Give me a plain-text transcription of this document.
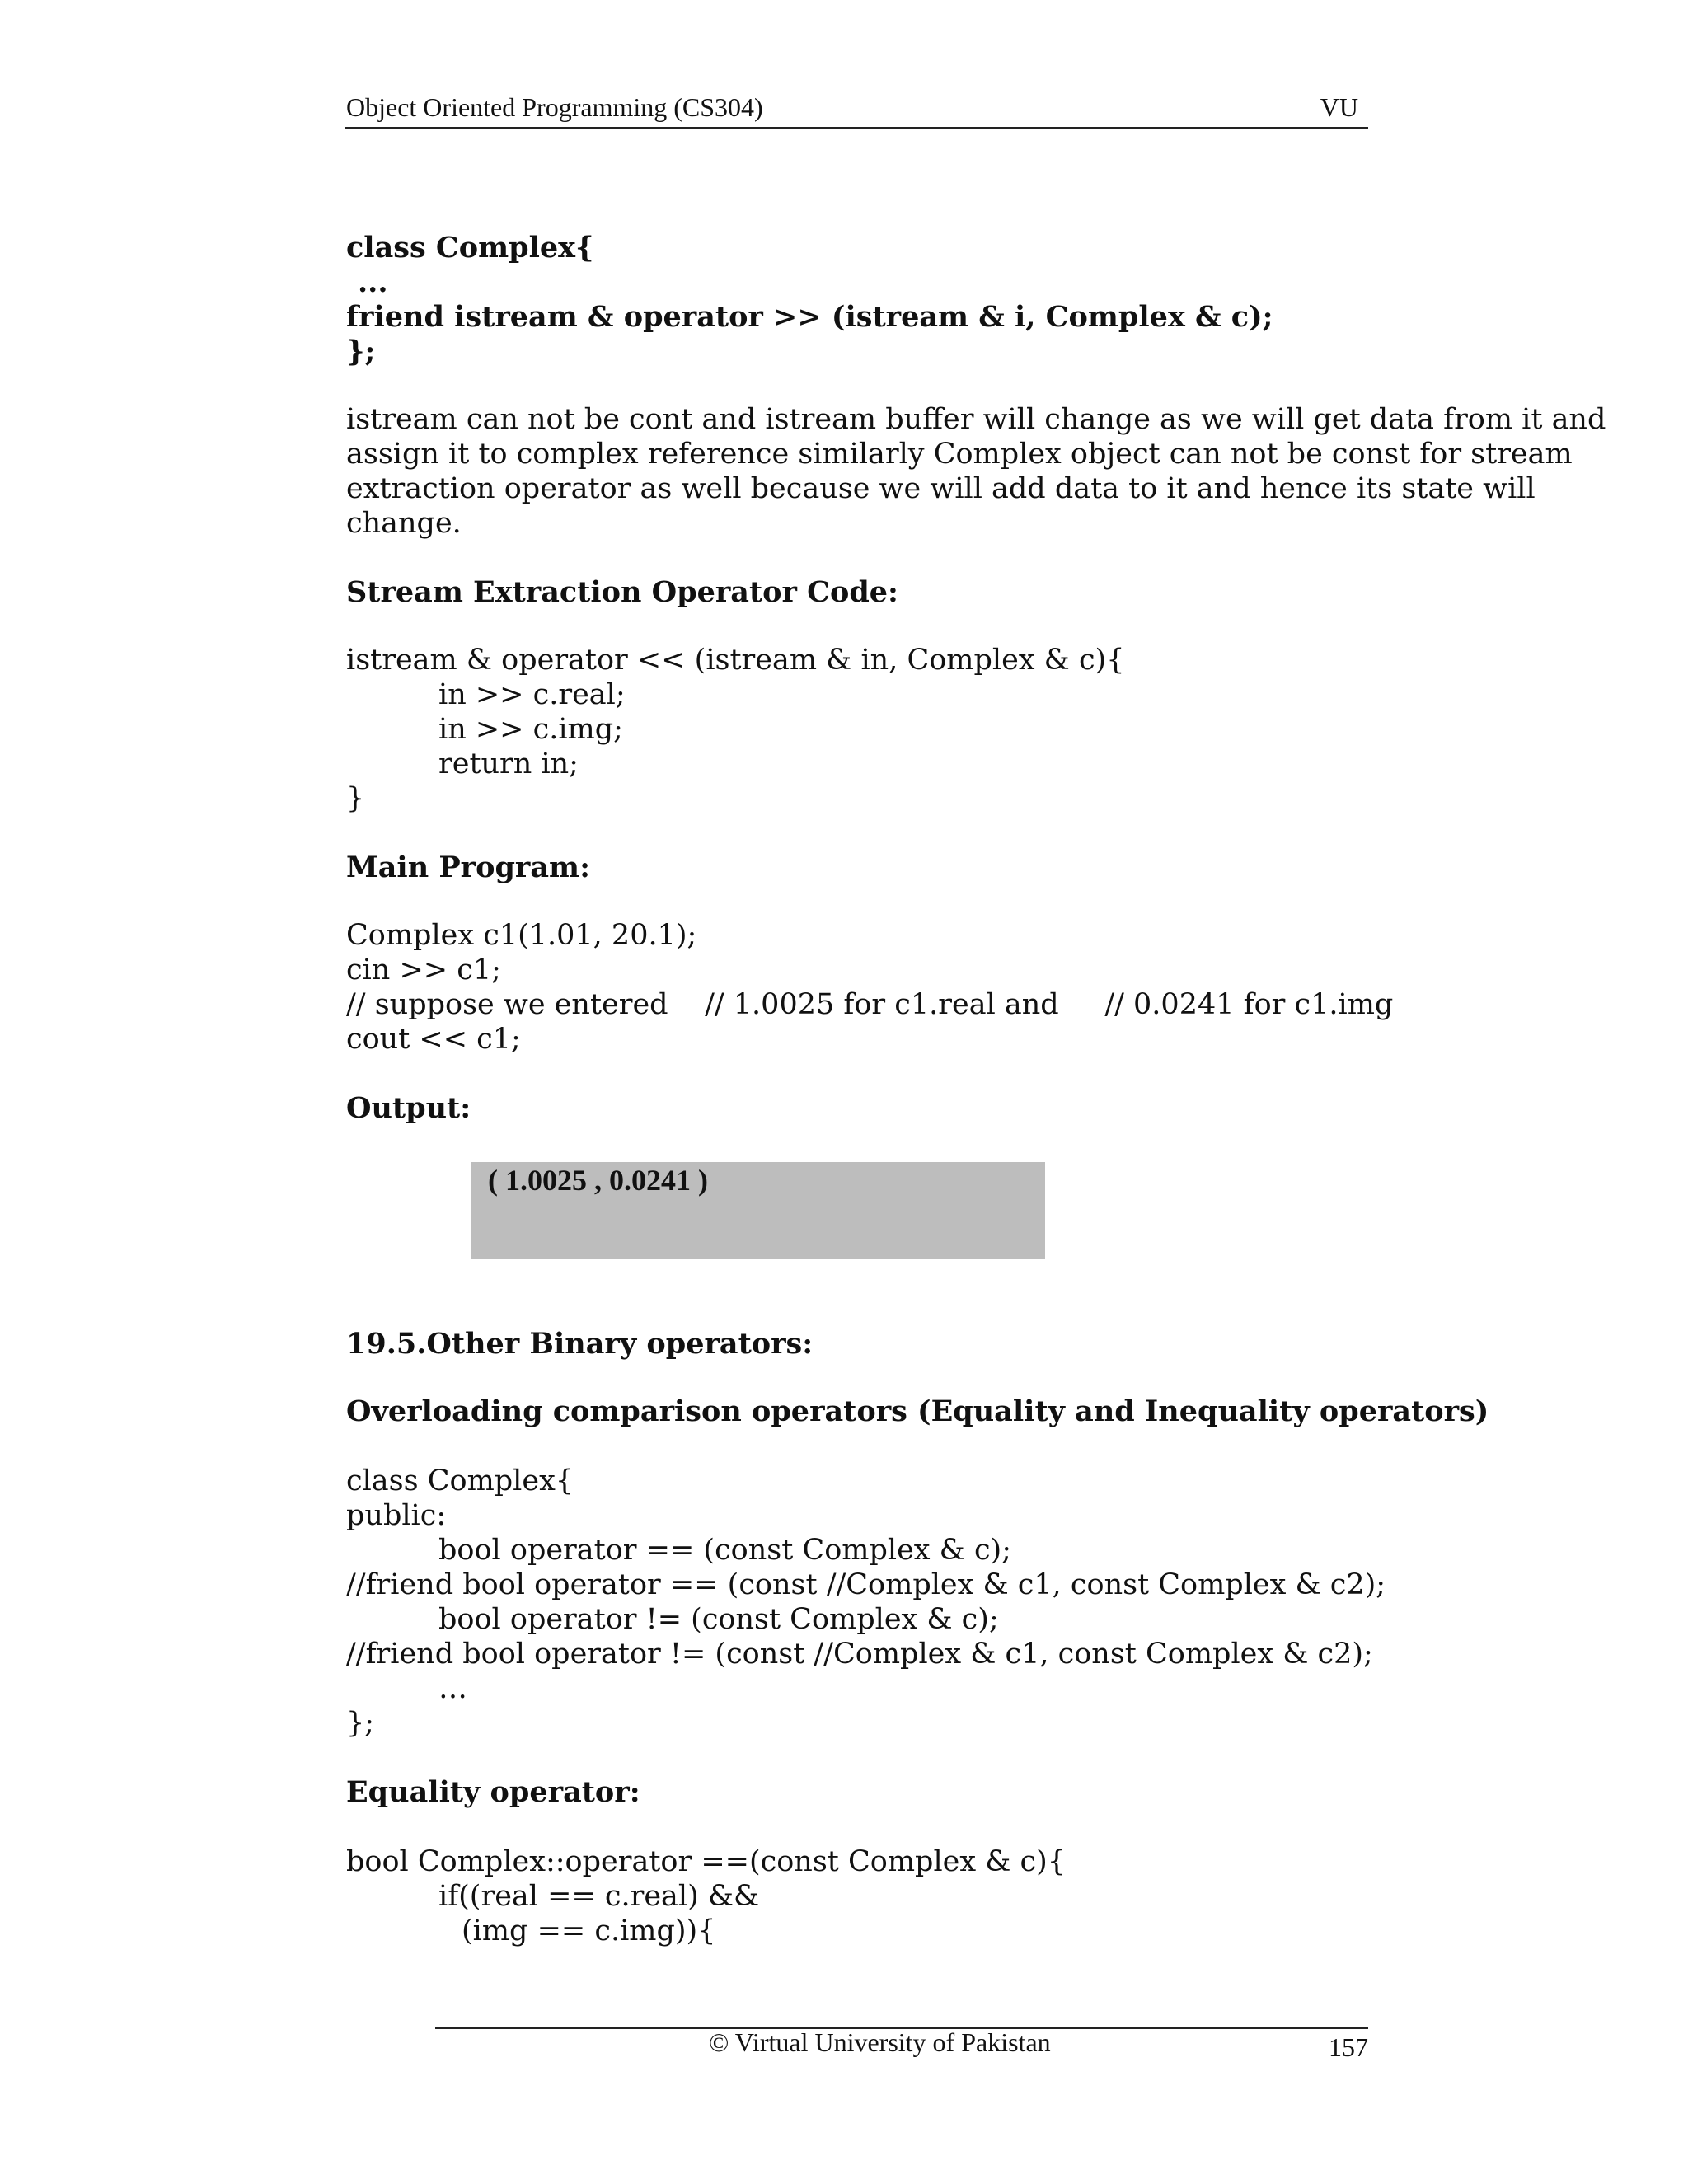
Object Oriented Programming (CS304)	VU
class Complex{
...
friend istream & operator >> (istream & i, Complex & c);
};
istream can not be cont and istream buffer will change as we will get data from it and
assign it to complex reference similarly Complex object can not be const for stream
extraction operator as well because we will add data to it and hence its state will
change.
Stream Extraction Operator Code:
istream & operator << (istream & in, Complex & c){
in >> c.real;
in >> c.img;
return in;
}
Main Program:
Complex c1(1.01, 20.1);
cin >> c1;
// suppose we entered    // 1.0025 for c1.real and     // 0.0241 for c1.img
cout << c1;
Output:
19.5.Other Binary operators:
Overloading comparison operators (Equality and Inequality operators)
class Complex{
public:
bool operator == (const Complex & c);
//friend bool operator == (const //Complex & c1, const Complex & c2);
bool operator != (const Complex & c);
//friend bool operator != (const //Complex & c1, const Complex & c2);
…
};
Equality operator:
bool Complex::operator ==(const Complex & c){
if((real == c.real) &&
(img == c.img)){
( 1.0025 , 0.0241 )
© Virtual University of Pakistan	157
